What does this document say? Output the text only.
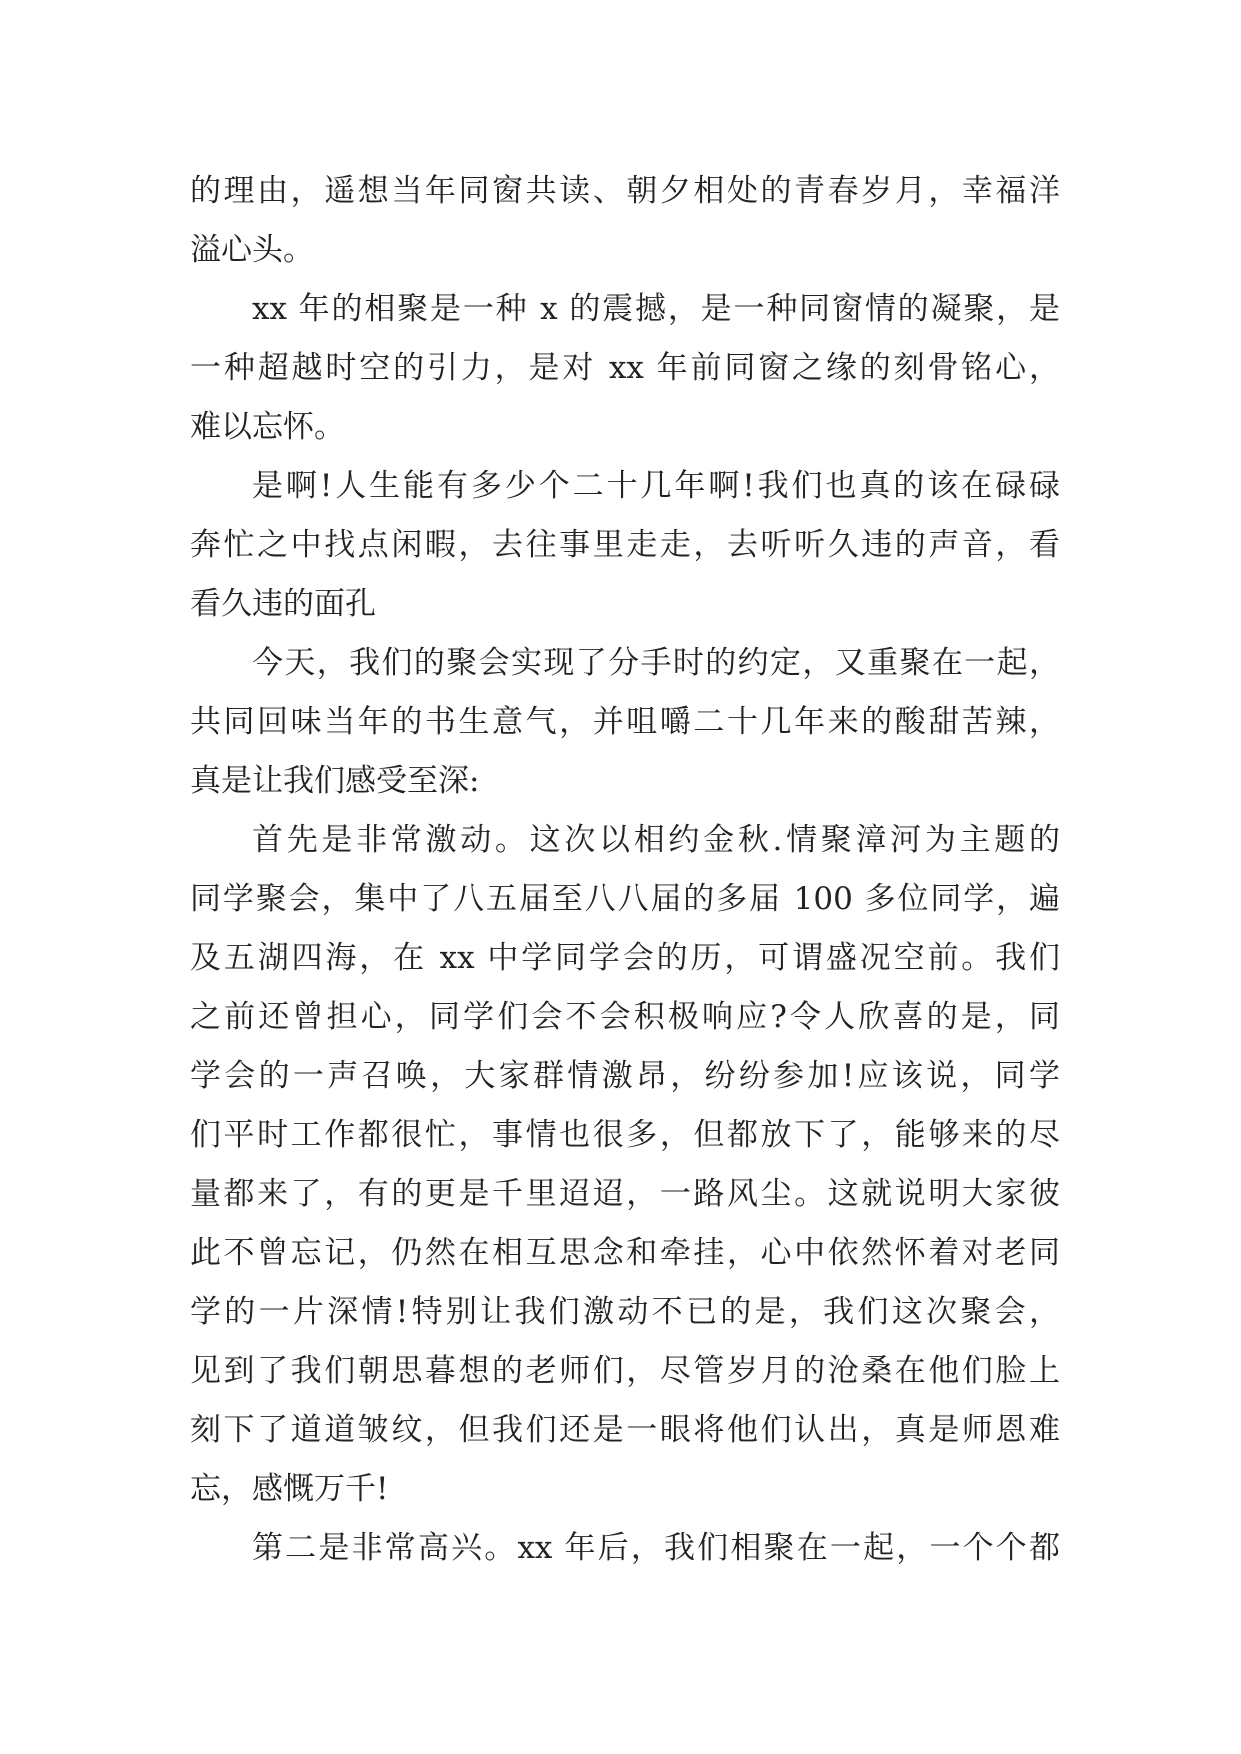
的理由，遥想当年同窗共读、朝夕相处的青春岁月，幸福洋
溢心头。
xx 年的相聚是一种 x 的震撼，是一种同窗情的凝聚，是
一种超越时空的引力，是对 xx 年前同窗之缘的刻骨铭心，
难以忘怀。
是啊!人生能有多少个二十几年啊!我们也真的该在碌碌
奔忙之中找点闲暇，去往事里走走，去听听久违的声音，看
看久违的面孔
今天，我们的聚会实现了分手时的约定，又重聚在一起，
共同回味当年的书生意气，并咀嚼二十几年来的酸甜苦辣，
真是让我们感受至深:
首先是非常激动。这次以相约金秋.情聚漳河为主题的
同学聚会，集中了八五届至八八届的多届 100 多位同学，遍
及五湖四海，在 xx 中学同学会的历，可谓盛况空前。我们
之前还曾担心，同学们会不会积极响应?令人欣喜的是，同
学会的一声召唤，大家群情激昂，纷纷参加!应该说，同学
们平时工作都很忙，事情也很多，但都放下了，能够来的尽
量都来了，有的更是千里迢迢，一路风尘。这就说明大家彼
此不曾忘记，仍然在相互思念和牵挂，心中依然怀着对老同
学的一片深情!特别让我们激动不已的是，我们这次聚会，
见到了我们朝思暮想的老师们，尽管岁月的沧桑在他们脸上
刻下了道道皱纹，但我们还是一眼将他们认出，真是师恩难
忘，感慨万千!
第二是非常高兴。xx 年后，我们相聚在一起，一个个都
